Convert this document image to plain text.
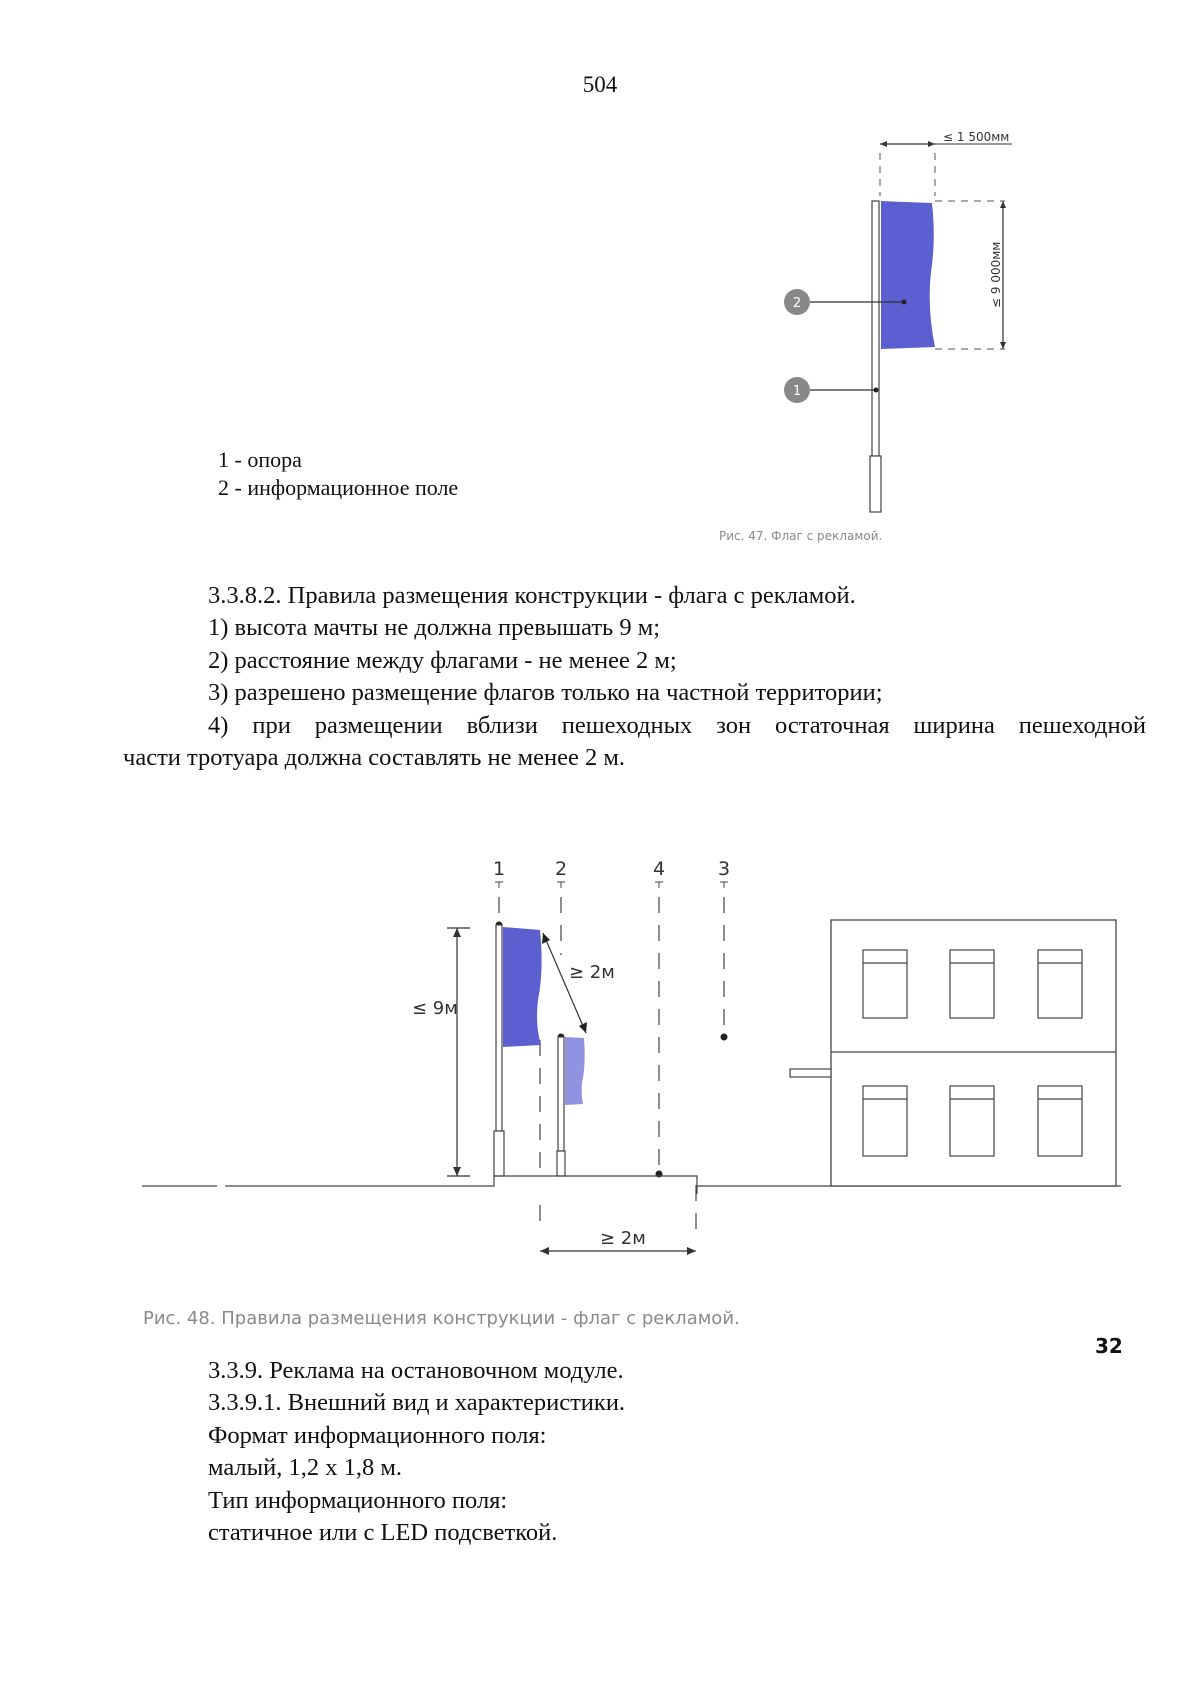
504
≤ 1 500мм
≤ 9 000мм
2
1
1 - опора
2 - информационное поле
Рис. 47. Флаг с рекламой.
3.3.8.2. Правила размещения конструкции - флага с рекламой.
1) высота мачты не должна превышать 9 м;
2) расстояние между флагами - не менее 2 м;
3) разрешено размещение флагов только на частной территории;
4) при размещении вблизи пешеходных зон остаточная ширина пешеходной
части тротуара должна составлять не менее 2 м.
1	2	4	3
≤ 9м
≥ 2м
≥ 2м
Рис. 48. Правила размещения конструкции - флаг с рекламой.
32
3.3.9. Реклама на остановочном модуле.
3.3.9.1. Внешний вид и характеристики.
Формат информационного поля:
малый, 1,2 х 1,8 м.
Тип информационного поля:
статичное или с LED подсветкой.
